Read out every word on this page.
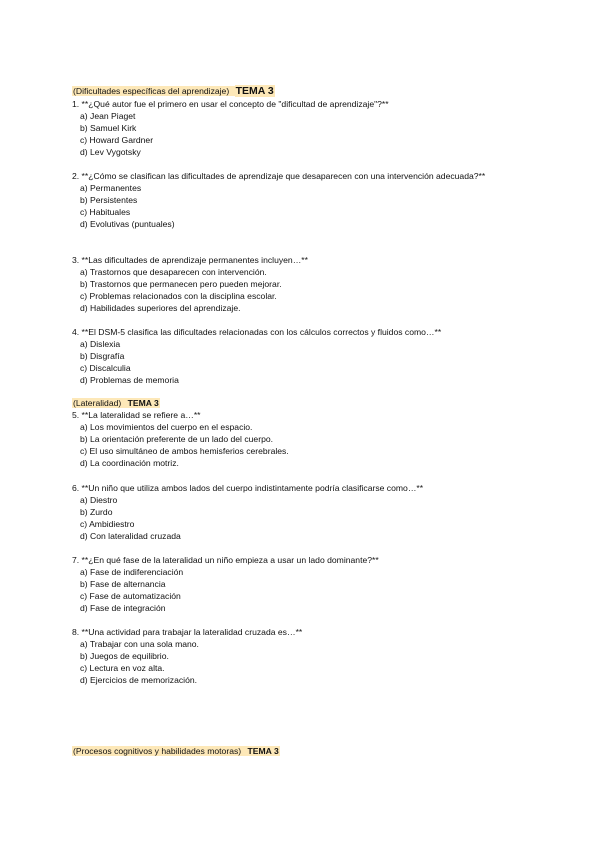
(Dificultades específicas del aprendizaje) TEMA 3
1. **¿Qué autor fue el primero en usar el concepto de "dificultad de aprendizaje"?**
a) Jean Piaget
b) Samuel Kirk
c) Howard Gardner
d) Lev Vygotsky
2. **¿Cómo se clasifican las dificultades de aprendizaje que desaparecen con una intervención adecuada?**
a) Permanentes
b) Persistentes
c) Habituales
d) Evolutivas (puntuales)
3. **Las dificultades de aprendizaje permanentes incluyen…**
a) Trastornos que desaparecen con intervención.
b) Trastornos que permanecen pero pueden mejorar.
c) Problemas relacionados con la disciplina escolar.
d) Habilidades superiores del aprendizaje.
4. **El DSM-5 clasifica las dificultades relacionadas con los cálculos correctos y fluidos como…**
a) Dislexia
b) Disgrafía
c) Discalculia
d) Problemas de memoria
(Lateralidad) TEMA 3
5. **La lateralidad se refiere a…**
a) Los movimientos del cuerpo en el espacio.
b) La orientación preferente de un lado del cuerpo.
c) El uso simultáneo de ambos hemisferios cerebrales.
d) La coordinación motriz.
6. **Un niño que utiliza ambos lados del cuerpo indistintamente podría clasificarse como…**
a) Diestro
b) Zurdo
c) Ambidiestro
d) Con lateralidad cruzada
7. **¿En qué fase de la lateralidad un niño empieza a usar un lado dominante?**
a) Fase de indiferenciación
b) Fase de alternancia
c) Fase de automatización
d) Fase de integración
8. **Una actividad para trabajar la lateralidad cruzada es…**
a) Trabajar con una sola mano.
b) Juegos de equilibrio.
c) Lectura en voz alta.
d) Ejercicios de memorización.
(Procesos cognitivos y habilidades motoras) TEMA 3
